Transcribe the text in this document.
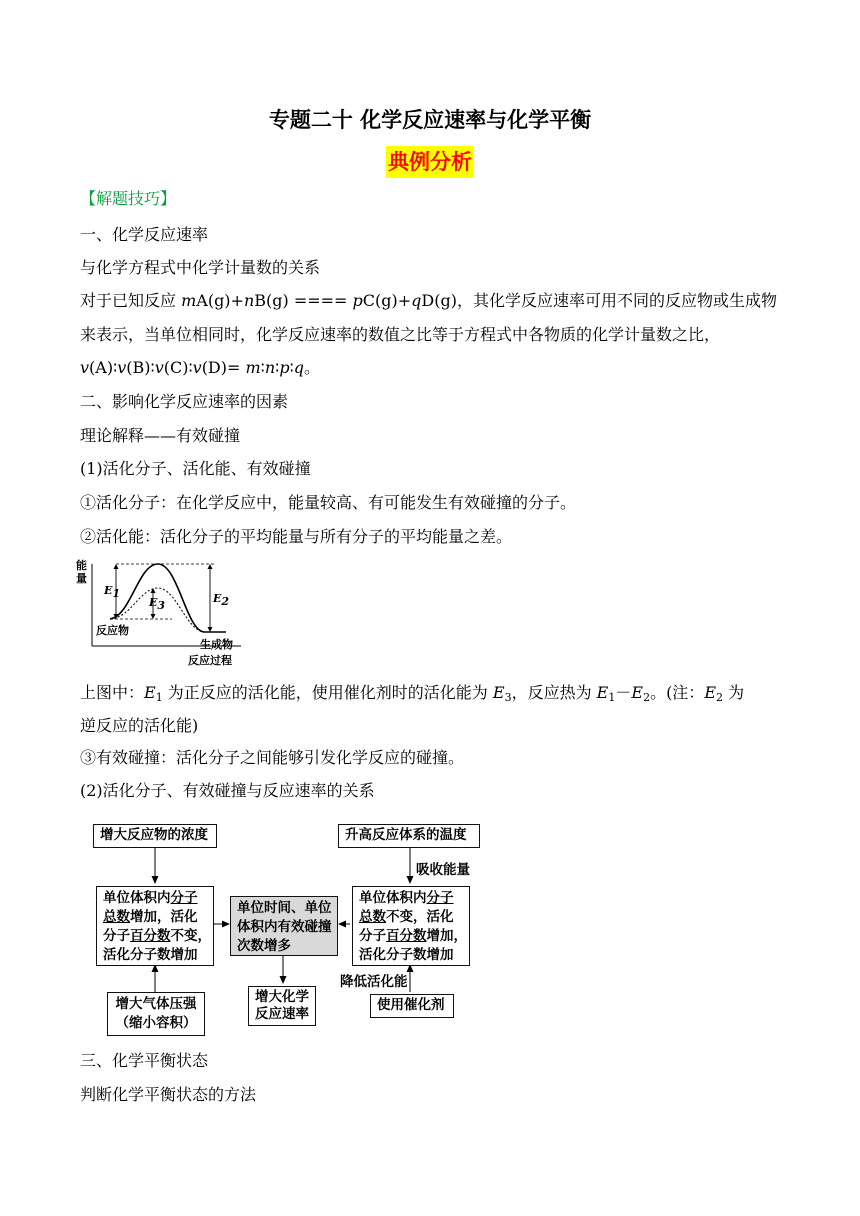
专题二十 化学反应速率与化学平衡
典例分析
【解题技巧】
一、化学反应速率
与化学方程式中化学计量数的关系
对于已知反应 mA(g)+nB(g) ==== pC(g)+qD(g)，其化学反应速率可用不同的反应物或生成物
来表示，当单位相同时，化学反应速率的数值之比等于方程式中各物质的化学计量数之比，
v(A)∶v(B)∶v(C)∶v(D)= m∶n∶p∶q。
二、影响化学反应速率的因素
理论解释——有效碰撞
(1)活化分子、活化能、有效碰撞
①活化分子：在化学反应中，能量较高、有可能发生有效碰撞的分子。
②活化能：活化分子的平均能量与所有分子的平均能量之差。
能
量
$E_1$
$E_3$
$E_2$
反应物
生成物
反应过程
上图中：$E_1$ 为正反应的活化能，使用催化剂时的活化能为 $E_3$，反应热为 $E_1-E_2$。(注：$E_2$ 为
逆反应的活化能)
③有效碰撞：活化分子之间能够引发化学反应的碰撞。
(2)活化分子、有效碰撞与反应速率的关系
增大反应物的浓度	升高反应体系的温度
吸收能量
单位体积内分子
总数增加，活化
分子百分数不变，
活化分子数增加
单位时间、单位
体积内有效碰撞
次数增多
单位体积内分子
总数不变，活化
分子百分数增加，
活化分子数增加
降低活化能
增大气体压强
（缩小容积）
增大化学
反应速率
使用催化剂
三、化学平衡状态
判断化学平衡状态的方法
